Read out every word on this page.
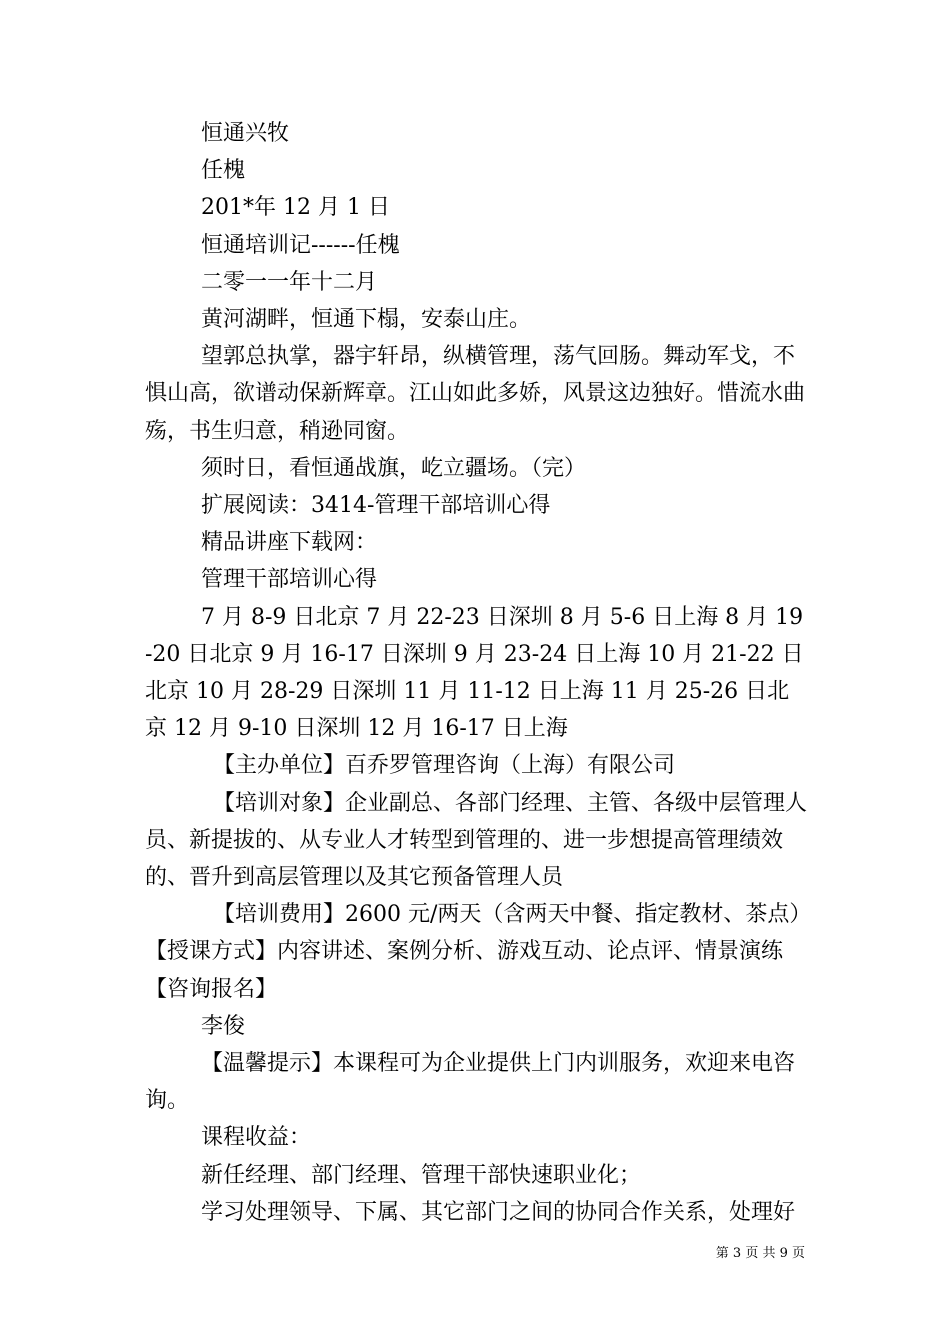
恒通兴牧

任槐

201*年 12 月 1 日

恒通培训记------任槐

二零一一年十二月

黄河湖畔，恒通下榻，安泰山庄。

望郭总执掌，器宇轩昂，纵横管理，荡气回肠。舞动军戈，不惧山高，欲谱动保新辉章。江山如此多娇，风景这边独好。惜流水曲殇，书生归意，稍逊同窗。

须时日，看恒通战旗，屹立疆场。（完）

扩展阅读：3414-管理干部培训心得

精品讲座下载网：

管理干部培训心得

7 月 8-9 日北京 7 月 22-23 日深圳 8 月 5-6 日上海 8 月 19-20 日北京 9 月 16-17 日深圳 9 月 23-24 日上海 10 月 21-22 日北京 10 月 28-29 日深圳 11 月 11-12 日上海 11 月 25-26 日北京 12 月 9-10 日深圳 12 月 16-17 日上海

【主办单位】百乔罗管理咨询（上海）有限公司

【培训对象】企业副总、各部门经理、主管、各级中层管理人员、新提拔的、从专业人才转型到管理的、进一步想提高管理绩效的、晋升到高层管理以及其它预备管理人员

【培训费用】2600 元/两天（含两天中餐、指定教材、茶点）

【授课方式】内容讲述、案例分析、游戏互动、论点评、情景演练

【咨询报名】

李俊

【温馨提示】本课程可为企业提供上门内训服务，欢迎来电咨询。

课程收益：

新任经理、部门经理、管理干部快速职业化；

学习处理领导、下属、其它部门之间的协同合作关系，处理好

第 3 页 共 9 页
